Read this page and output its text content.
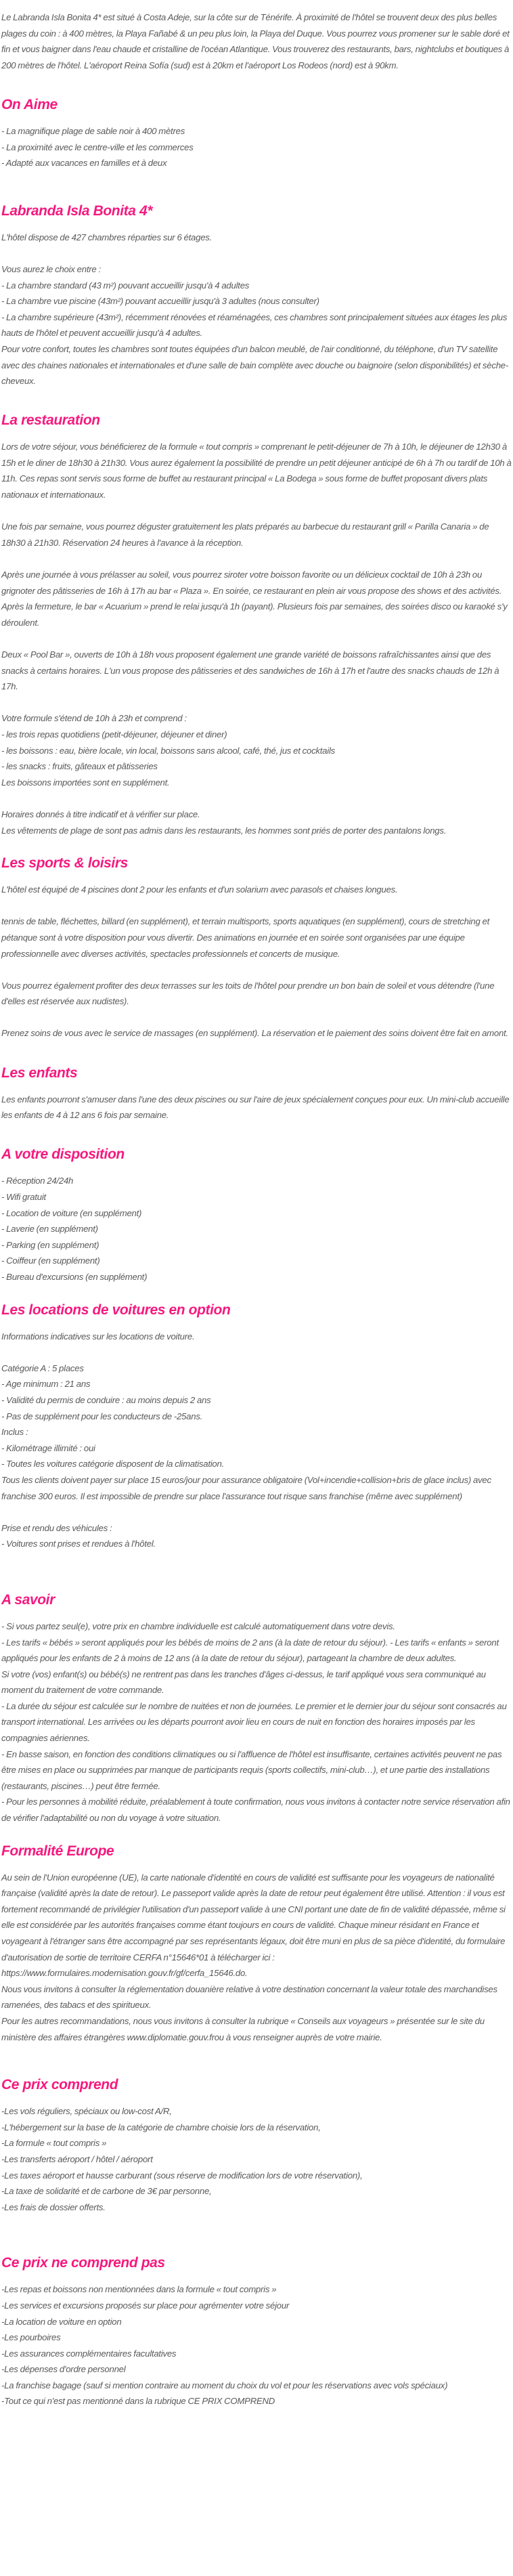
Le Labranda Isla Bonita 4* est situé à Costa Adeje, sur la côte sur de Ténérife. À proximité de l'hôtel se trouvent deux des plus belles plages du coin : à 400 mètres, la Playa Fañabé & un peu plus loin, la Playa del Duque. Vous pourrez vous promener sur le sable doré et fin et vous baigner dans l'eau chaude et cristalline de l'océan Atlantique. Vous trouverez des restaurants, bars, nightclubs et boutiques à 200 mètres de l'hôtel. L'aéroport Reina Sofía (sud) est à 20km et l'aéroport Los Rodeos (nord) est à 90km.

On Aime
- La magnifique plage de sable noir à 400 mètres
- La proximité avec le centre-ville et les commerces
- Adapté aux vacances en familles et à deux
Labranda Isla Bonita 4*

L'hôtel dispose de 427 chambres réparties sur 6 étages.

Vous aurez le choix entre :

- La chambre standard (43 m²) pouvant accueillir jusqu'à 4 adultes
- La chambre vue piscine (43m²) pouvant accueillir jusqu'à 3 adultes (nous consulter)
- La chambre supérieure (43m²), récemment rénovées et réaménagées, ces chambres sont principalement situées aux étages les plus hauts de l'hôtel et peuvent accueillir jusqu'à 4 adultes.

Pour votre confort, toutes les chambres sont toutes équipées d'un balcon meublé, de l'air conditionné, du téléphone, d'un TV satellite avec des chaines nationales et internationales et d'une salle de bain complète avec douche ou baignoire (selon disponibilités) et sèche-cheveux.

La restauration

Lors de votre séjour, vous bénéficierez de la formule « tout compris » comprenant le petit-déjeuner de 7h à 10h, le déjeuner de 12h30 à 15h et le diner de 18h30 à 21h30. Vous aurez également la possibilité de prendre un petit déjeuner anticipé de 6h à 7h ou tardif de 10h à 11h. Ces repas sont servis sous forme de buffet au restaurant principal « La Bodega » sous forme de buffet proposant divers plats nationaux et internationaux.

Une fois par semaine, vous pourrez déguster gratuitement les plats préparés au barbecue du restaurant grill « Parilla Canaria » de 18h30 à 21h30. Réservation 24 heures à l'avance à la réception.

Après une journée à vous prélasser au soleil, vous pourrez siroter votre boisson favorite ou un délicieux cocktail de 10h à 23h ou grignoter des pâtisseries de 16h à 17h au bar « Plaza ». En soirée, ce restaurant en plein air vous propose des shows et des activités. Après la fermeture, le bar « Acuarium » prend le relai jusqu'à 1h (payant). Plusieurs fois par semaines, des soirées disco ou karaoké s'y déroulent.

Deux « Pool Bar », ouverts de 10h à 18h vous proposent également une grande variété de boissons rafraîchissantes ainsi que des snacks à certains horaires. L'un vous propose des pâtisseries et des sandwiches de 16h à 17h et l'autre des snacks chauds de 12h à 17h.

Votre formule s'étend de 10h à 23h et comprend :

- les trois repas quotidiens (petit-déjeuner, déjeuner et diner)
- les boissons : eau, bière locale, vin local, boissons sans alcool, café, thé, jus et cocktails
- les snacks : fruits, gâteaux et pâtisseries

Les boissons importées sont en supplément.

Horaires donnés à titre indicatif et à vérifier sur place.

Les vêtements de plage de sont pas admis dans les restaurants, les hommes sont priés de porter des pantalons longs.

Les sports & loisirs

L'hôtel est équipé de 4 piscines dont 2 pour les enfants et d'un solarium avec parasols et chaises longues.

tennis de table, fléchettes, billard (en supplément), et terrain multisports, sports aquatiques (en supplément), cours de stretching et pétanque sont à votre disposition pour vous divertir. Des animations en journée et en soirée sont organisées par une équipe professionnelle avec diverses activités, spectacles professionnels et concerts de musique.

Vous pourrez également profiter des deux terrasses sur les toits de l'hôtel pour prendre un bon bain de soleil et vous détendre (l'une d'elles est réservée aux nudistes).

Prenez soins de vous avec le service de massages (en supplément). La réservation et le paiement des soins doivent être fait en amont.

Les enfants

Les enfants pourront s'amuser dans l'une des deux piscines ou sur l'aire de jeux spécialement conçues pour eux. Un mini-club accueille les enfants de 4 à 12 ans 6 fois par semaine.

A votre disposition
- Réception 24/24h
- Wifi gratuit
- Location de voiture (en supplément)
- Laverie (en supplément)
- Parking (en supplément)
- Coiffeur (en supplément)
- Bureau d'excursions (en supplément)
Les locations de voitures en option

Informations indicatives sur les locations de voiture.

Catégorie A : 5 places

- Age minimum : 21 ans
- Validité du permis de conduire : au moins depuis 2 ans
- Pas de supplément pour les conducteurs de -25ans.

Inclus :

- Kilométrage illimité : oui
- Toutes les voitures catégorie disposent de la climatisation.

Tous les clients doivent payer sur place 15 euros/jour pour assurance obligatoire (Vol+incendie+collision+bris de glace inclus) avec franchise 300 euros. Il est impossible de prendre sur place l'assurance tout risque sans franchise (même avec supplément)

Prise et rendu des véhicules :

- Voitures sont prises et rendues à l'hôtel.
A savoir
- Si vous partez seul(e), votre prix en chambre individuelle est calculé automatiquement dans votre devis.
- Les tarifs « bébés » seront appliqués pour les bébés de moins de 2 ans (à la date de retour du séjour). - Les tarifs « enfants » seront appliqués pour les enfants de 2 à moins de 12 ans (à la date de retour du séjour), partageant la chambre de deux adultes.
Si votre (vos) enfant(s) ou bébé(s) ne rentrent pas dans les tranches d'âges ci-dessus, le tarif appliqué vous sera communiqué au moment du traitement de votre commande.
- La durée du séjour est calculée sur le nombre de nuitées et non de journées. Le premier et le dernier jour du séjour sont consacrés au transport international. Les arrivées ou les départs pourront avoir lieu en cours de nuit en fonction des horaires imposés par les compagnies aériennes.
- En basse saison, en fonction des conditions climatiques ou si l'affluence de l'hôtel est insuffisante, certaines activités peuvent ne pas être mises en place ou supprimées par manque de participants requis (sports collectifs, mini-club…), et une partie des installations (restaurants, piscines…) peut être fermée.
- Pour les personnes à mobilité réduite, préalablement à toute confirmation, nous vous invitons à contacter notre service réservation afin de vérifier l'adaptabilité ou non du voyage à votre situation.
Formalité Europe

Au sein de l'Union européenne (UE), la carte nationale d'identité en cours de validité est suffisante pour les voyageurs de nationalité française (validité après la date de retour). Le passeport valide après la date de retour peut également être utilisé. Attention : il vous est fortement recommandé de privilégier l'utilisation d'un passeport valide à une CNI portant une date de fin de validité dépassée, même si elle est considérée par les autorités françaises comme étant toujours en cours de validité. Chaque mineur résidant en France et voyageant à l'étranger sans être accompagné par ses représentants légaux, doit être muni en plus de sa pièce d'identité, du formulaire d'autorisation de sortie de territoire CERFA n°15646*01 à télécharger ici :

https://www.formulaires.modernisation.gouv.fr/gf/cerfa_15646.do.

Nous vous invitons à consulter la réglementation douanière relative à votre destination concernant la valeur totale des marchandises ramenées, des tabacs et des spiritueux.

Pour les autres recommandations, nous vous invitons à consulter la rubrique « Conseils aux voyageurs » présentée sur le site du ministère des affaires étrangères www.diplomatie.gouv.frou à vous renseigner auprès de votre mairie.

Ce prix comprend
-Les vols réguliers, spéciaux ou low-cost A/R,
-L'hébergement sur la base de la catégorie de chambre choisie lors de la réservation,
-La formule « tout compris »
-Les transferts aéroport / hôtel / aéroport
-Les taxes aéroport et hausse carburant (sous réserve de modification lors de votre réservation),
-La taxe de solidarité et de carbone de 3€ par personne,
-Les frais de dossier offerts.
Ce prix ne comprend pas
-Les repas et boissons non mentionnées dans la formule « tout compris »
-Les services et excursions proposés sur place pour agrémenter votre séjour
-La location de voiture en option
-Les pourboires
-Les assurances complémentaires facultatives
-Les dépenses d'ordre personnel
-La franchise bagage (sauf si mention contraire au moment du choix du vol et pour les réservations avec vols spéciaux)
-Tout ce qui n'est pas mentionné dans la rubrique CE PRIX COMPREND
